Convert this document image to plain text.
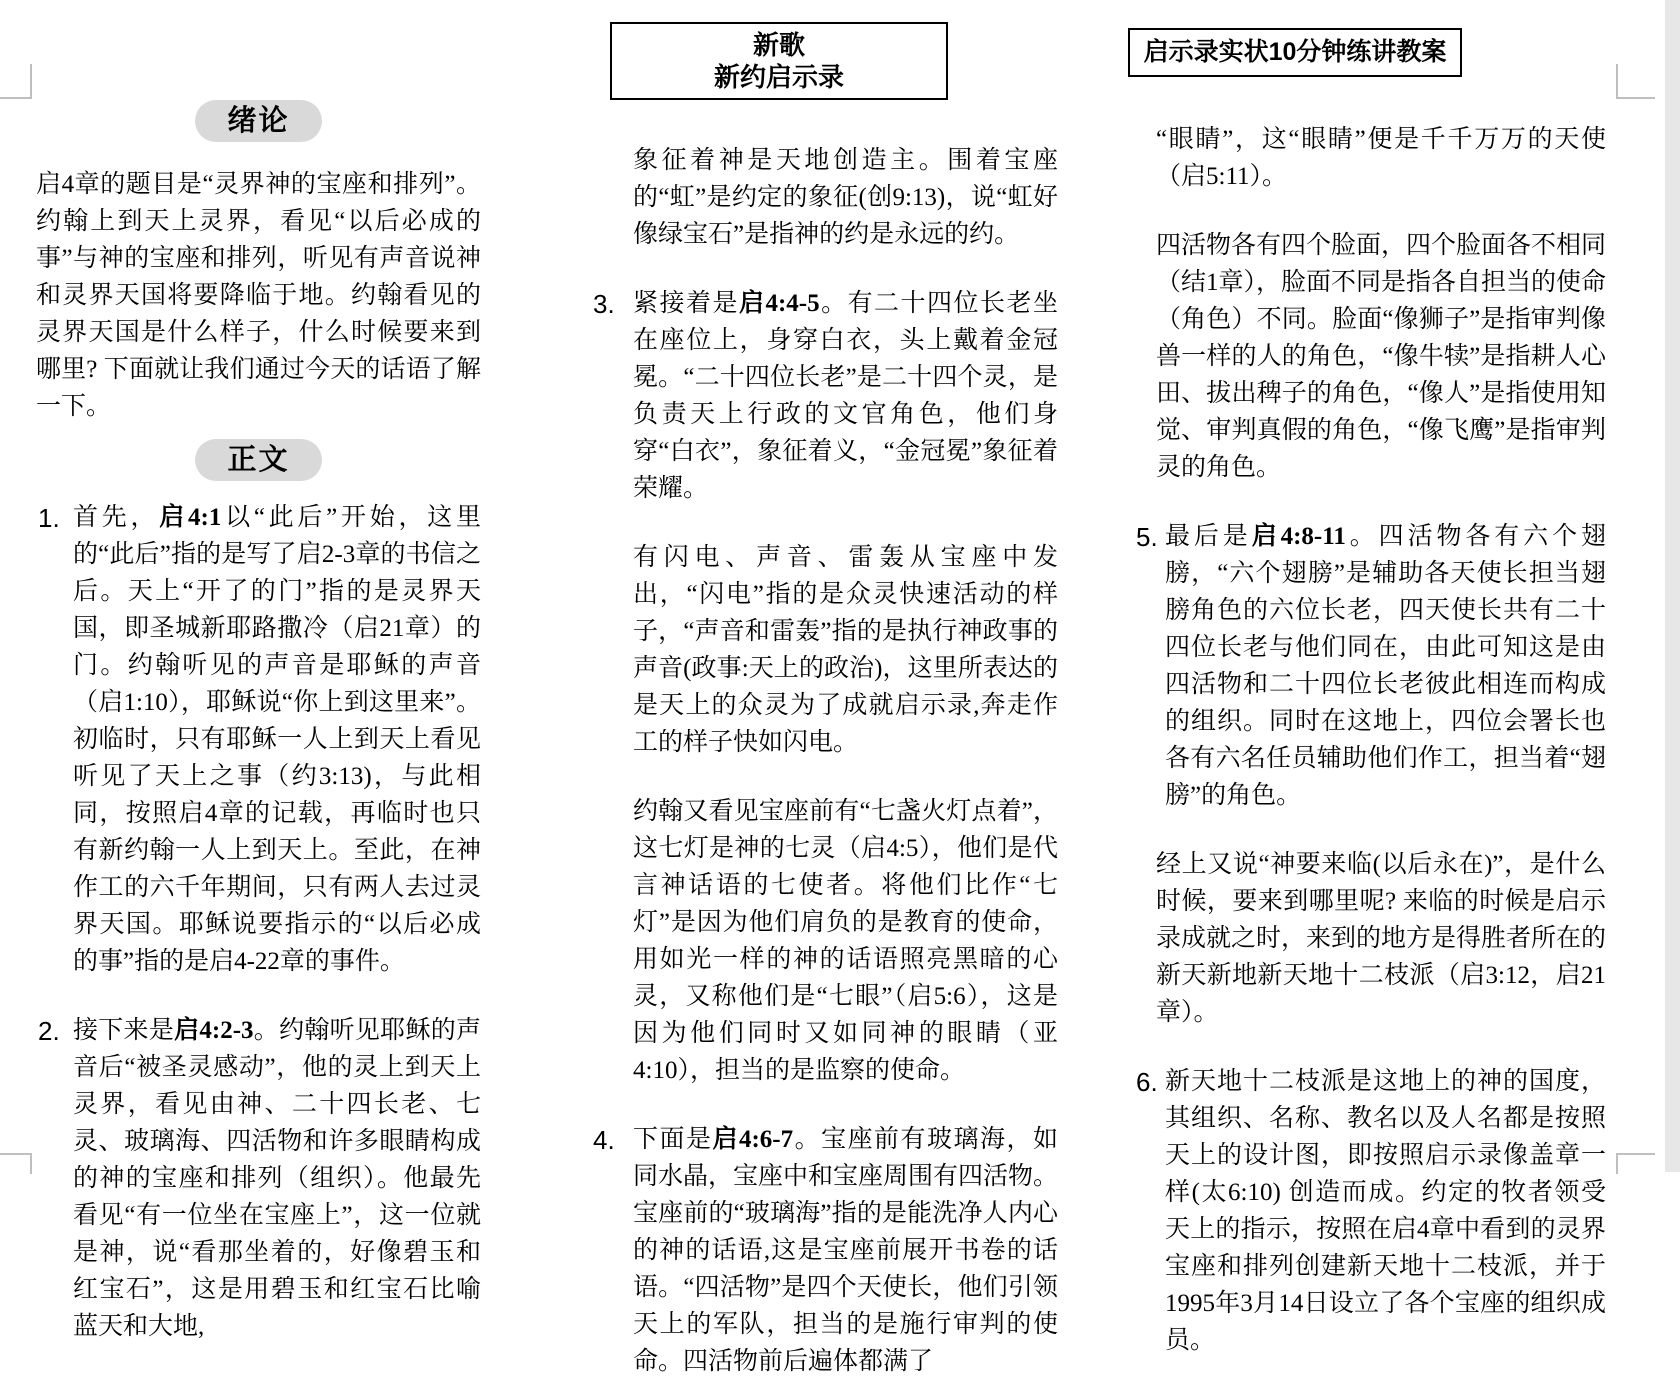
绪论

启4章的题目是“灵界神的宝座和排列”。约翰上到天上灵界，看见“以后必成的事”与神的宝座和排列，听见有声音说神和灵界天国将要降临于地。约翰看见的灵界天国是什么样子，什么时候要来到哪里? 下面就让我们通过今天的话语了解一下。

正文
1. 首先，启4:1以“此后”开始，这里的“此后”指的是写了启2-3章的书信之后。天上“开了的门”指的是灵界天国，即圣城新耶路撒冷（启21章）的门。约翰听见的声音是耶稣的声音（启1:10），耶稣说“你上到这里来”。初临时，只有耶稣一人上到天上看见听见了天上之事（约3:13)，与此相同，按照启4章的记载，再临时也只有新约翰一人上到天上。至此，在神作工的六千年期间，只有两人去过灵界天国。耶稣说要指示的“以后必成的事”指的是启4-22章的事件。
2. 接下来是启4:2-3。约翰听见耶稣的声音后“被圣灵感动”，他的灵上到天上灵界，看见由神、二十四长老、七灵、玻璃海、四活物和许多眼睛构成的神的宝座和排列（组织）。他最先看见“有一位坐在宝座上”，这一位就是神，说“看那坐着的，好像碧玉和红宝石”，这是用碧玉和红宝石比喻蓝天和大地,
新歌
新约启示录

象征着神是天地创造主。围着宝座的“虹”是约定的象征(创9:13)，说“虹好像绿宝石”是指神的约是永远的约。

3. 紧接着是启4:4-5。有二十四位长老坐在座位上，身穿白衣，头上戴着金冠冕。“二十四位长老”是二十四个灵，是负责天上行政的文官角色，他们身穿“白衣”，象征着义，“金冠冕”象征着荣耀。

有闪电、声音、雷轰从宝座中发出，“闪电”指的是众灵快速活动的样子，“声音和雷轰”指的是执行神政事的声音(政事:天上的政治)，这里所表达的是天上的众灵为了成就启示录,奔走作工的样子快如闪电。

约翰又看见宝座前有“七盏火灯点着”，这七灯是神的七灵（启4:5），他们是代言神话语的七使者。将他们比作“七灯”是因为他们肩负的是教育的使命，用如光一样的神的话语照亮黑暗的心灵，又称他们是“七眼”（启5:6），这是因为他们同时又如同神的眼睛（亚4:10），担当的是监察的使命。

4. 下面是启4:6-7。宝座前有玻璃海，如同水晶，宝座中和宝座周围有四活物。宝座前的“玻璃海”指的是能洗净人内心的神的话语,这是宝座前展开书卷的话语。“四活物”是四个天使长，他们引领天上的军队，担当的是施行审判的使命。四活物前后遍体都满了
启示录实状10分钟练讲教案

“眼睛”，这“眼睛”便是千千万万的天使（启5:11）。

四活物各有四个脸面，四个脸面各不相同（结1章），脸面不同是指各自担当的使命（角色）不同。脸面“像狮子”是指审判像兽一样的人的角色，“像牛犊”是指耕人心田、拔出稗子的角色，“像人”是指使用知觉、审判真假的角色，“像飞鹰”是指审判灵的角色。

5. 最后是启4:8-11。四活物各有六个翅膀，“六个翅膀”是辅助各天使长担当翅膀角色的六位长老，四天使长共有二十四位长老与他们同在，由此可知这是由四活物和二十四位长老彼此相连而构成的组织。同时在这地上，四位会署长也各有六名任员辅助他们作工，担当着“翅膀”的角色。

经上又说“神要来临(以后永在)”，是什么时候，要来到哪里呢? 来临的时候是启示录成就之时，来到的地方是得胜者所在的新天新地新天地十二枝派（启3:12，启21章）。

6. 新天地十二枝派是这地上的神的国度，其组织、名称、教名以及人名都是按照天上的设计图，即按照启示录像盖章一样(太6:10) 创造而成。约定的牧者领受天上的指示，按照在启4章中看到的灵界宝座和排列创建新天地十二枝派，并于1995年3月14日设立了各个宝座的组织成员。
